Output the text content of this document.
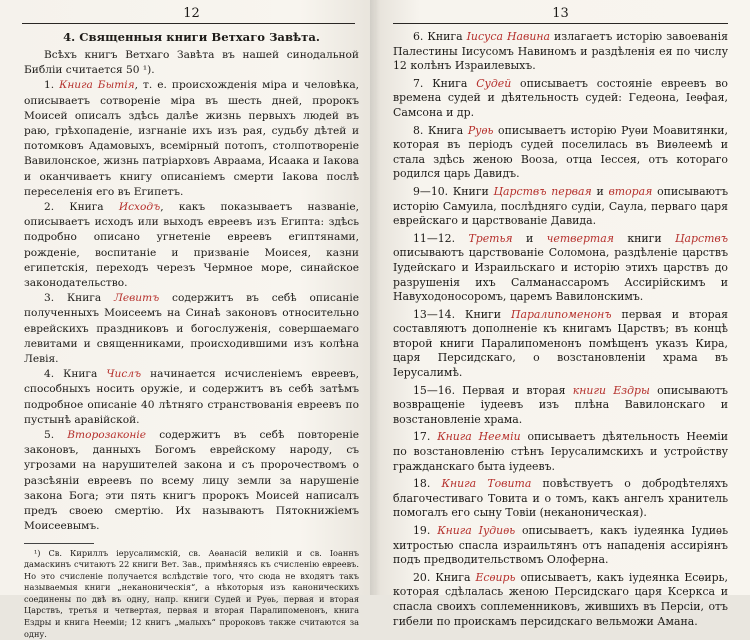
12
4. Священныя книги Ветхаго Завѣта.

Всѣхъ книгъ Ветхаго Завѣта въ нашей синодальной Библіи считается 50 ¹).

1. Книга Бытія, т. е. происхожденія міра и человѣка, описываетъ сотвореніе міра въ шесть дней, пророкъ Моисей описалъ здѣсь далѣе жизнь первыхъ людей въ раю, грѣхопаденіе, изгнаніе ихъ изъ рая, судьбу дѣтей и потомковъ Адамовыхъ, всемірный потопъ, столпотвореніе Вавилонское, жизнь патріарховъ Авраама, Исаака и Іакова и оканчиваетъ книгу описаніемъ смерти Іакова послѣ переселенія его въ Египетъ.

2. Книга Исходъ, какъ показываетъ названіе, описываетъ исходъ или выходъ евреевъ изъ Египта: здѣсь подробно описано угнетеніе евреевъ египтянами, рожденіе, воспитаніе и призваніе Моисея, казни египетскія, переходъ черезъ Чермное море, синайское законодательство.

3. Книга Левитъ содержитъ въ себѣ описаніе полученныхъ Моисеемъ на Синаѣ законовъ относительно еврейскихъ праздниковъ и богослуженія, совершаемаго левитами и священниками, происходившими изъ колѣна Левія.

4. Книга Числъ начинается исчисленіемъ евреевъ, способныхъ носить оружіе, и содержитъ въ себѣ затѣмъ подробное описаніе 40 лѣтняго странствованія евреевъ по пустынѣ аравійской.

5. Второзаконіе содержитъ въ себѣ повтореніе законовъ, данныхъ Богомъ еврейскому народу, съ угрозами на нарушителей закона и съ пророчествомъ о разсѣяніи евреевъ по всему лицу земли за нарушеніе закона Бога; эти пять книгъ пророкъ Моисей написалъ предъ своею смертію. Их называютъ Пятокнижіемъ Моисеевымъ.

¹) Св. Кириллъ іерусалимскій, св. Аѳанасій великій и св. Іоаннъ дамаскинъ считаютъ 22 книги Вет. Зав., примѣняясь къ счисленію евреевъ. Но это счисленіе получается вслѣдствіе того, что сюда не входятъ такъ называемыя книги „неканоническія“, а нѣкоторыя изъ каноническихъ соединены по двѣ въ одну, напр. книги Судей и Руѳь, первая и вторая Царствъ, третья и четвертая, первая и вторая Паралипоменонъ, книга Ездры и книга Нееміи; 12 книгъ „малыхъ“ пророковъ также считаются за одну.

13

6. Книга Іисуса Навина излагаетъ исторію завоеванія Палестины Іисусомъ Навиномъ и раздѣленія ея по числу 12 колѣнъ Израилевыхъ.

7. Книга Судей описываетъ состояніе евреевъ во времена судей и дѣятельность судей: Гедеона, Іеѳфая, Самсона и др.

8. Книга Руѳь описываетъ исторію Руѳи Моавитянки, которая въ періодъ судей поселилась въ Виѳлеемѣ и стала здѣсь женою Вооза, отца Іессея, отъ котораго родился царь Давидъ.

9—10. Книги Царствъ первая и вторая описываютъ исторію Самуила, послѣдняго судіи, Саула, перваго царя еврейскаго и царствованіе Давида.

11—12. Третья и четвертая книги Царствъ описываютъ царствованіе Соломона, раздѣленіе царствъ Іудейскаго и Израильскаго и исторію этихъ царствъ до разрушенія ихъ Салманассаромъ Ассирійскимъ и Навуходоносоромъ, царемъ Вавилонскимъ.

13—14. Книги Паралипоменонъ первая и вторая составляютъ дополненіе къ книгамъ Царствъ; въ концѣ второй книги Паралипоменонъ помѣщенъ указъ Кира, царя Персидскаго, о возстановленіи храма въ Іерусалимѣ.

15—16. Первая и вторая книги Ездры описываютъ возвращеніе іудеевъ изъ плѣна Вавилонскаго и возстановленіе храма.

17. Книга Нееміи описываетъ дѣятельность Нееміи по возстановленію стѣнъ Іерусалимскихъ и устройству гражданскаго быта іудеевъ.

18. Книга Товита повѣствуетъ о добродѣтеляхъ благочестиваго Товита и о томъ, какъ ангелъ хранитель помогалъ его сыну Товіи (неканоническая).

19. Книга Іудиѳь описываетъ, какъ іудеянка Іудиѳь хитростью спасла израильтянъ отъ нападенія ассиріянъ подъ предводительствомъ Олоферна.

20. Книга Есѳирь описываетъ, какъ іудеянка Есѳирь, которая сдѣлалась женою Персидскаго царя Ксеркса и спасла своихъ соплеменниковъ, жившихъ въ Персіи, отъ гибели по проискамъ персидскаго вельможи Амана.
